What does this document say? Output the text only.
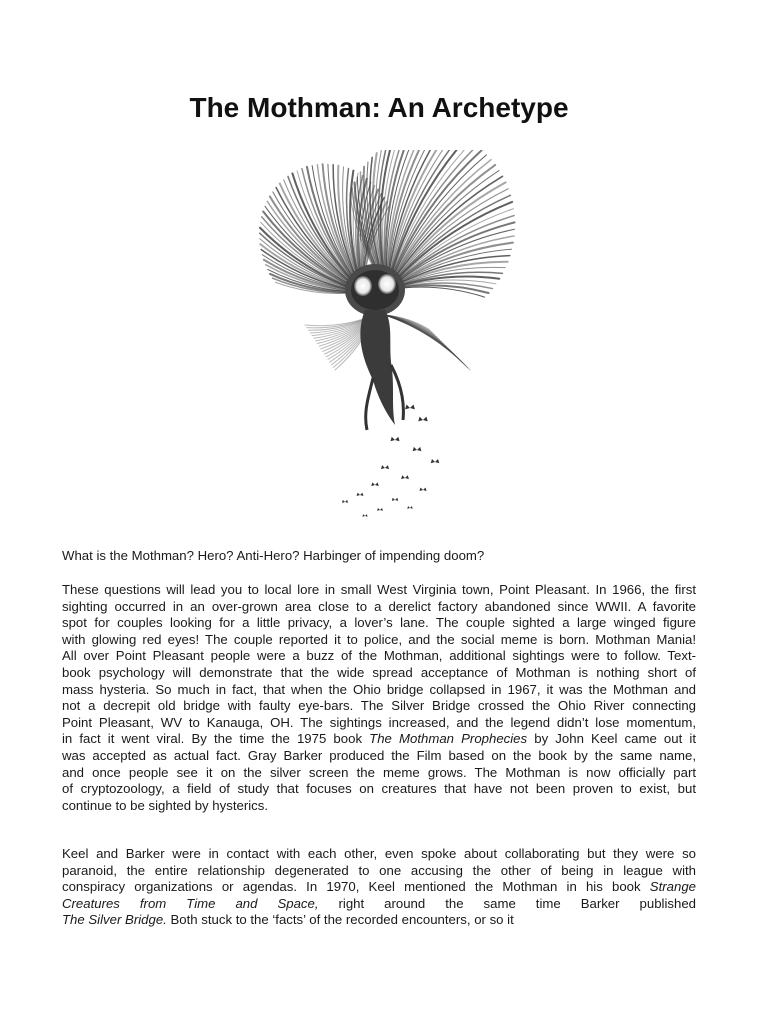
The Mothman: An Archetype
What is the Mothman? Hero? Anti-Hero? Harbinger of impending doom?
These questions will lead you to local lore in small West Virginia town, Point Pleasant. In 1966, the first
sighting occurred in an over-grown area close to a derelict factory abandoned since WWII. A favorite
spot for couples looking for a little privacy, a lover’s lane. The couple sighted a large winged figure
with glowing red eyes! The couple reported it to police, and the social meme is born. Mothman Mania!
All over Point Pleasant people were a buzz of the Mothman, additional sightings were to follow. Text-
book psychology will demonstrate that the wide spread acceptance of Mothman is nothing short of
mass hysteria. So much in fact, that when the Ohio bridge collapsed in 1967, it was the Mothman and
not a decrepit old bridge with faulty eye-bars. The Silver Bridge crossed the Ohio River connecting
Point Pleasant, WV to Kanauga, OH. The sightings increased, and the legend didn’t lose momentum,
in fact it went viral. By the time the 1975 book The Mothman Prophecies by John Keel came out it
was accepted as actual fact. Gray Barker produced the Film based on the book by the same name,
and once people see it on the silver screen the meme grows. The Mothman is now officially part
of cryptozoology, a field of study that focuses on creatures that have not been proven to exist, but
continue to be sighted by hysterics.
Keel and Barker were in contact with each other, even spoke about collaborating but they were so
paranoid, the entire relationship degenerated to one accusing the other of being in league with
conspiracy organizations or agendas. In 1970, Keel mentioned the Mothman in his book Strange
Creatures from Time and Space, right around the same time Barker published
The Silver Bridge. Both stuck to the ‘facts’ of the recorded encounters, or so it
